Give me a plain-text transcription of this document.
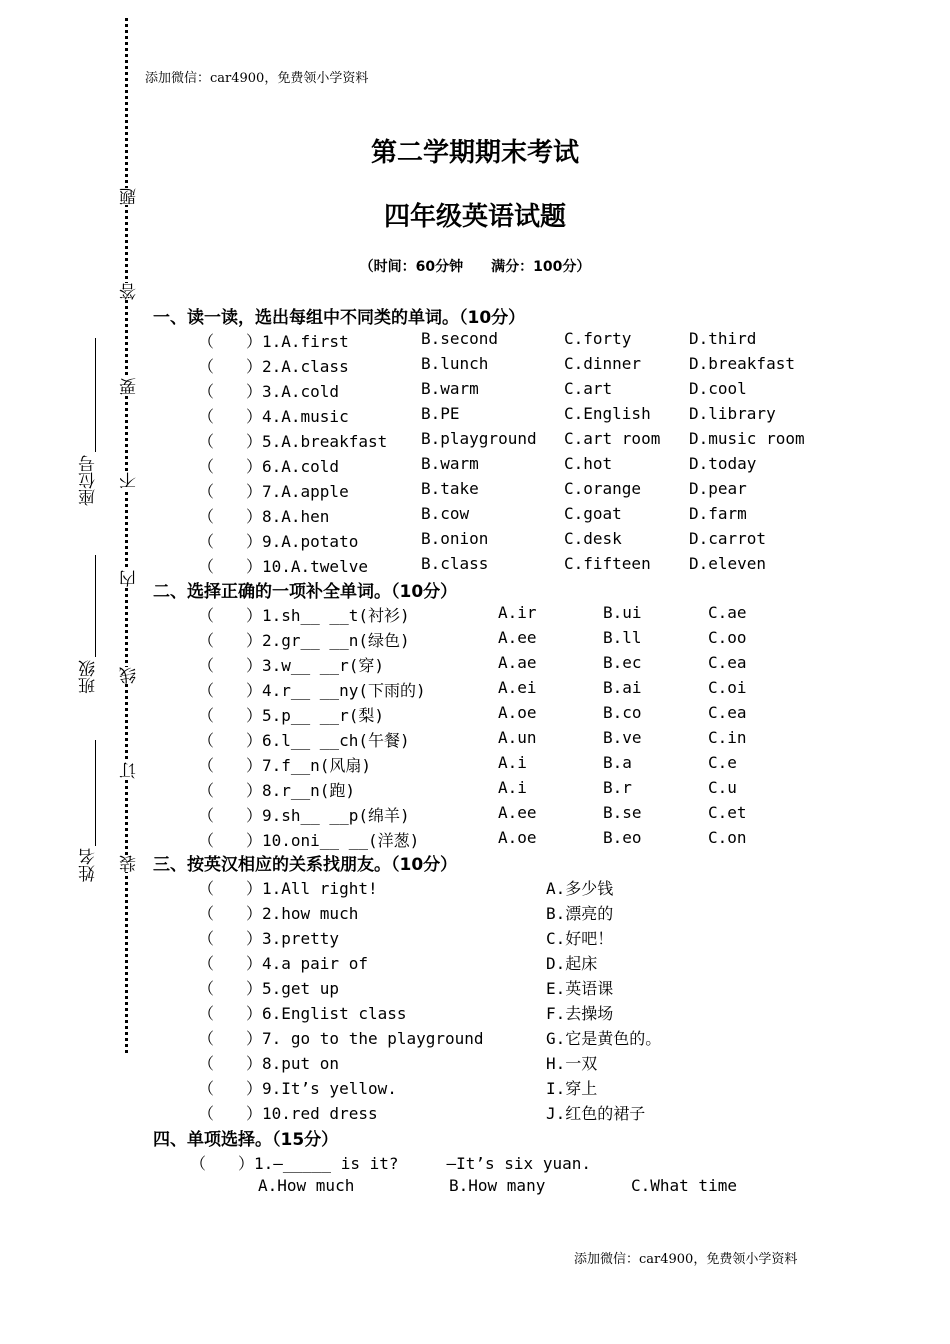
添加微信：car4900，免费领小学资料
装
订
线
内
不
要
答
题
姓名
班级
座位号
第二学期期末考试
四年级英语试题
（时间：60分钟　　满分：100分）
一、读一读，选出每组中不同类的单词。（10分）
（　　）1.A.first	B.second	C.forty	D.third
（　　）2.A.class	B.lunch	C.dinner	D.breakfast
（　　）3.A.cold	B.warm	C.art	D.cool
（　　）4.A.music	B.PE	C.English D.library
（　　）5.A.breakfast B.playground C.art room D.music room
（　　）6.A.cold	B.warm	C.hot	D.today
（　　）7.A.apple	B.take	C.orange	D.pear
（　　）8.A.hen	B.cow	C.goat	D.farm
（　　）9.A.potato	B.onion	C.desk	D.carrot
（　　）10.A.twelve	B.class	C.fifteen D.eleven
二、选择正确的一项补全单词。（10分）
（　　）1.sh__ __t(衬衫)	A.ir	B.ui	C.ae
（　　）2.gr__ __n(绿色)	A.ee	B.ll	C.oo
（　　）3.w__ __r(穿)	A.ae	B.ec	C.ea
（　　）4.r__ __ny(下雨的)	A.ei	B.ai	C.oi
（　　）5.p__ __r(梨)	A.oe	B.co	C.ea
（　　）6.l__ __ch(午餐)	A.un	B.ve	C.in
（　　）7.f__n(风扇)	A.i	B.a	C.e
（　　）8.r__n(跑)	A.i	B.r	C.u
（　　）9.sh__ __p(绵羊)	A.ee	B.se	C.et
（　　）10.oni__ __(洋葱)	A.oe	B.eo	C.on
三、按英汉相应的关系找朋友。（10分）
（　　）1.All right!	A.多少钱
（　　）2.how much	B.漂亮的
（　　）3.pretty	C.好吧！
（　　）4.a pair of	D.起床
（　　）5.get up	E.英语课
（　　）6.Englist class	F.去操场
（　　）7. go to the playground	G.它是黄色的。
（　　）8.put on	H.一双
（　　）9.It’s yellow.	I.穿上
（　　）10.red dress	J.红色的裙子
四、单项选择。（15分）
（　　）1.—_____ is it?　　　—It’s six yuan.
A.How much	B.How many	C.What time
添加微信：car4900，免费领小学资料
